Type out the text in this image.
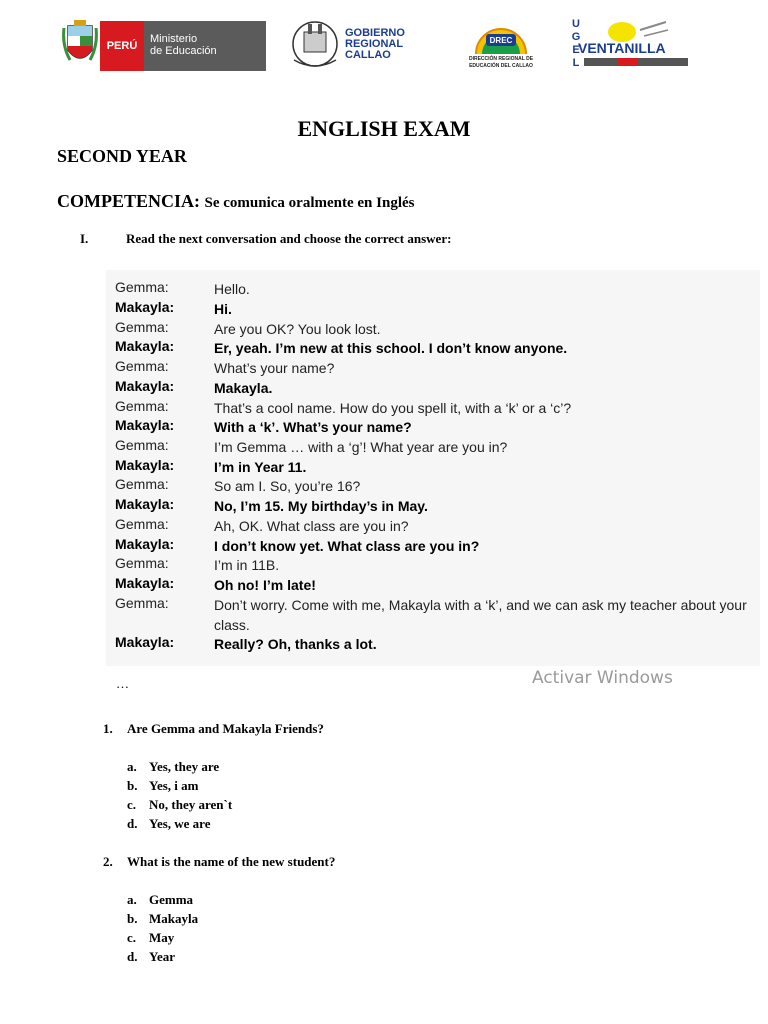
PERÚ
Ministerio
de Educación
GOBIERNO
REGIONAL
CALLAO
DREC
DIRECCIÓN REGIONAL DE
EDUCACIÓN DEL CALLAO
U
G
E
L
VENTANILLA
ENGLISH EXAM
SECOND YEAR
COMPETENCIA: Se comunica oralmente en Inglés
I.	Read the next conversation and choose the correct answer:
Gemma:	Hello.
Makayla:	Hi.
Gemma:	Are you OK? You look lost.
Makayla:	Er, yeah. I’m new at this school. I don’t know anyone.
Gemma:	What’s your name?
Makayla:	Makayla.
Gemma:	That’s a cool name. How do you spell it, with a ‘k’ or a ‘c’?
Makayla:	With a ‘k’. What’s your name?
Gemma:	I’m Gemma … with a ‘g’! What year are you in?
Makayla:	I’m in Year 11.
Gemma:	So am I. So, you’re 16?
Makayla:	No, I’m 15. My birthday’s in May.
Gemma:	Ah, OK. What class are you in?
Makayla:	I don’t know yet. What class are you in?
Gemma:	I’m in 11B.
Makayla:	Oh no! I’m late!
Gemma:	Don’t worry. Come with me, Makayla with a ‘k’, and we can ask my teacher about your class.
Makayla:	Really? Oh, thanks a lot.
…	Activar Windows
1. Are Gemma and Makayla Friends?
a. Yes, they are
b. Yes, i am
c. No, they aren`t
d. Yes, we are
2. What is the name of the new student?
a. Gemma
b. Makayla
c. May
d. Year
